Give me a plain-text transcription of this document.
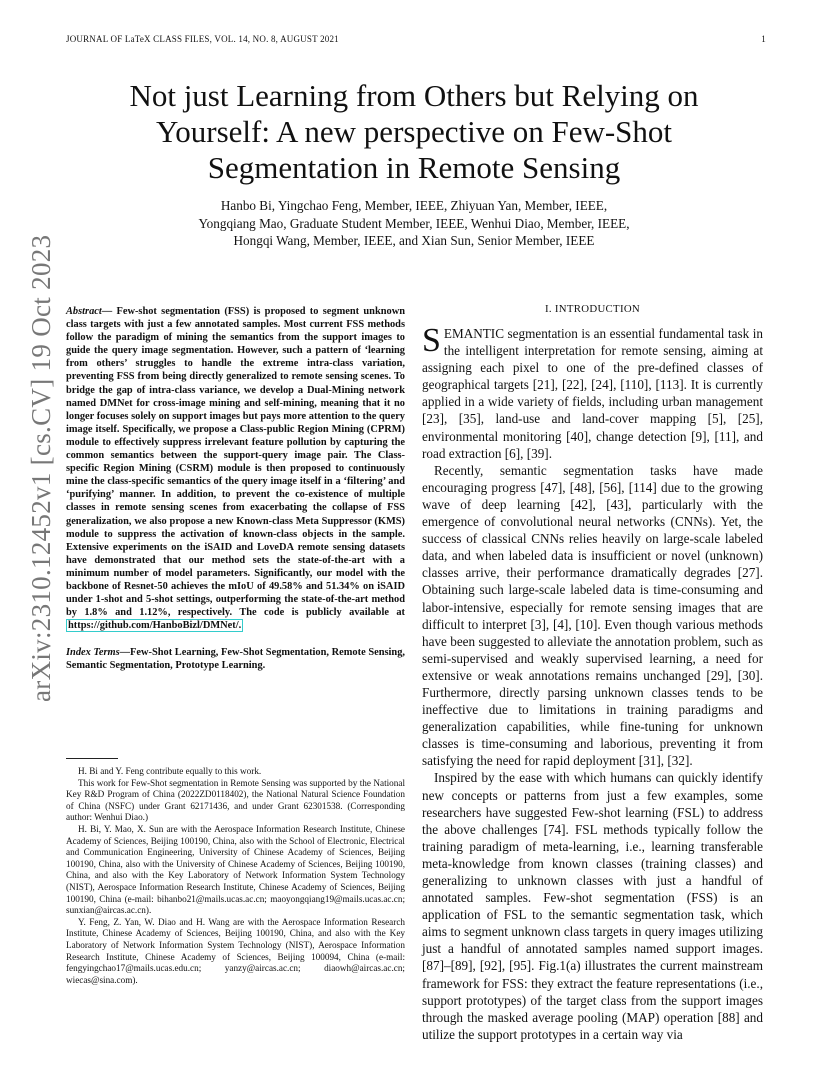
JOURNAL OF LaTeX CLASS FILES, VOL. 14, NO. 8, AUGUST 2021	1
Not just Learning from Others but Relying on
Yourself: A new perspective on Few-Shot
Segmentation in Remote Sensing
Hanbo Bi, Yingchao Feng, Member, IEEE, Zhiyuan Yan, Member, IEEE,
Yongqiang Mao, Graduate Student Member, IEEE, Wenhui Diao, Member, IEEE,
Hongqi Wang, Member, IEEE, and Xian Sun, Senior Member, IEEE
arXiv:2310.12452v1 [cs.CV] 19 Oct 2023 Abstract— Few-shot segmentation (FSS) is proposed to segment unknown class targets with just a few annotated samples. Most current FSS methods follow the paradigm of mining the semantics from the support images to guide the query image segmentation. However, such a pattern of ‘learning from others’ struggles to handle the extreme intra-class variation, preventing FSS from being directly generalized to remote sensing scenes. To bridge the gap of intra-class variance, we develop a Dual-Mining network named DMNet for cross-image mining and self-mining, meaning that it no longer focuses solely on support images but pays more attention to the query image itself. Specifically, we propose a Class-public Region Mining (CPRM) module to effectively suppress irrelevant feature pollution by capturing the common semantics between the support-query image pair. The Class-specific Region Mining (CSRM) module is then proposed to continuously mine the class-specific semantics of the query image itself in a ‘filtering’ and ‘purifying’ manner. In addition, to prevent the co-existence of multiple classes in remote sensing scenes from exacerbating the collapse of FSS generalization, we also propose a new Known-class Meta Suppressor (KMS) module to suppress the activation of known-class objects in the sample. Extensive experiments on the iSAID and LoveDA remote sensing datasets have demonstrated that our method sets the state-of-the-art with a minimum number of model parameters. Significantly, our model with the backbone of Resnet-50 achieves the mIoU of 49.58% and 51.34% on iSAID under 1-shot and 5-shot settings, outperforming the state-of-the-art method by 1.8% and 1.12%, respectively. The code is publicly available at https://github.com/HanboBizl/DMNet/.
Index Terms—Few-Shot Learning, Few-Shot Segmentation, Remote Sensing, Semantic Segmentation, Prototype Learning.

H. Bi and Y. Feng contribute equally to this work.

This work for Few-Shot segmentation in Remote Sensing was supported by the National Key R&D Program of China (2022ZD0118402), the National Natural Science Foundation of China (NSFC) under Grant 62171436, and under Grant 62301538. (Corresponding author: Wenhui Diao.)

H. Bi, Y. Mao, X. Sun are with the Aerospace Information Research Institute, Chinese Academy of Sciences, Beijing 100190, China, also with the School of Electronic, Electrical and Communication Engineering, University of Chinese Academy of Sciences, Beijing 100190, China, also with the University of Chinese Academy of Sciences, Beijing 100190, China, and also with the Key Laboratory of Network Information System Technology (NIST), Aerospace Information Research Institute, Chinese Academy of Sciences, Beijing 100190, China (e-mail: bihanbo21@mails.ucas.ac.cn; maoyongqiang19@mails.ucas.ac.cn; sunxian@aircas.ac.cn).

Y. Feng, Z. Yan, W. Diao and H. Wang are with the Aerospace Information Research Institute, Chinese Academy of Sciences, Beijing 100190, China, and also with the Key Laboratory of Network Information System Technology (NIST), Aerospace Information Research Institute, Chinese Academy of Sciences, Beijing 100094, China (e-mail: fengyingchao17@mails.ucas.edu.cn; yanzy@aircas.ac.cn; diaowh@aircas.ac.cn; wiecas@sina.com).

I. INTRODUCTION

SEMANTIC segmentation is an essential fundamental task in the intelligent interpretation for remote sensing, aiming at assigning each pixel to one of the pre-defined classes of geographical targets [21], [22], [24], [110], [113]. It is currently applied in a wide variety of fields, including urban management [23], [35], land-use and land-cover mapping [5], [25], environmental monitoring [40], change detection [9], [11], and road extraction [6], [39].

Recently, semantic segmentation tasks have made encouraging progress [47], [48], [56], [114] due to the growing wave of deep learning [42], [43], particularly with the emergence of convolutional neural networks (CNNs). Yet, the success of classical CNNs relies heavily on large-scale labeled data, and when labeled data is insufficient or novel (unknown) classes arrive, their performance dramatically degrades [27]. Obtaining such large-scale labeled data is time-consuming and labor-intensive, especially for remote sensing images that are difficult to interpret [3], [4], [10]. Even though various methods have been suggested to alleviate the annotation problem, such as semi-supervised and weakly supervised learning, a need for extensive or weak annotations remains unchanged [29], [30]. Furthermore, directly parsing unknown classes tends to be ineffective due to limitations in training paradigms and generalization capabilities, while fine-tuning for unknown classes is time-consuming and laborious, preventing it from satisfying the need for rapid deployment [31], [32].

Inspired by the ease with which humans can quickly identify new concepts or patterns from just a few examples, some researchers have suggested Few-shot learning (FSL) to address the above challenges [74]. FSL methods typically follow the training paradigm of meta-learning, i.e., learning transferable meta-knowledge from known classes (training classes) and generalizing to unknown classes with just a handful of annotated samples. Few-shot segmentation (FSS) is an application of FSL to the semantic segmentation task, which aims to segment unknown class targets in query images utilizing just a handful of annotated samples named support images. [87]–[89], [92], [95]. Fig.1(a) illustrates the current mainstream framework for FSS: they extract the feature representations (i.e., support prototypes) of the target class from the support images through the masked average pooling (MAP) operation [88] and utilize the support prototypes in a certain way via
